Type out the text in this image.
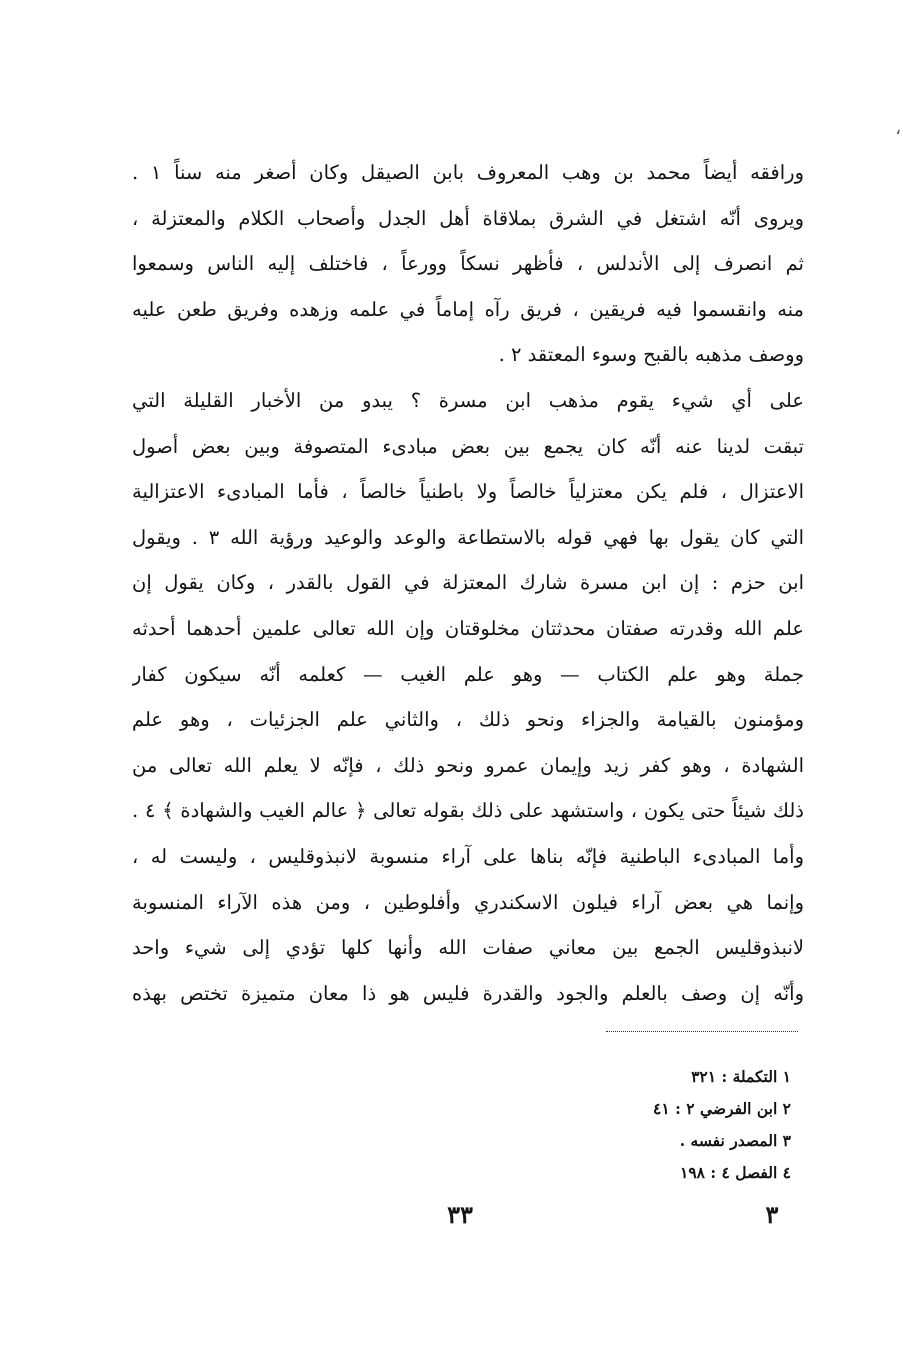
،
ورافقه أيضاً محمد بن وهب المعروف بابن الصيقل وكان أصغر منه سناً ١ .
ويروى أنّه اشتغل في الشرق بملاقاة أهل الجدل وأصحاب الكلام والمعتزلة ،
ثم انصرف إلى الأندلس ، فأظهر نسكاً وورعاً ، فاختلف إليه الناس وسمعوا
منه وانقسموا فيه فريقين ، فريق رآه إماماً في علمه وزهده وفريق طعن عليه
ووصف مذهبه بالقبح وسوء المعتقد ٢ .
على أي شيء يقوم مذهب ابن مسرة ؟ يبدو من الأخبار القليلة التي
تبقت لدينا عنه أنّه كان يجمع بين بعض مبادىء المتصوفة وبين بعض أصول
الاعتزال ، فلم يكن معتزلياً خالصاً ولا باطنياً خالصاً ، فأما المبادىء الاعتزالية
التي كان يقول بها فهي قوله بالاستطاعة والوعد والوعيد ورؤية الله ٣ . ويقول
ابن حزم : إن ابن مسرة شارك المعتزلة في القول بالقدر ، وكان يقول إن
علم الله وقدرته صفتان محدثتان مخلوقتان وإن الله تعالى علمين أحدهما أحدثه
جملة وهو علم الكتاب — وهو علم الغيب — كعلمه أنّه سيكون كفار
ومؤمنون بالقيامة والجزاء ونحو ذلك ، والثاني علم الجزئيات ، وهو علم
الشهادة ، وهو كفر زيد وإيمان عمرو ونحو ذلك ، فإنّه لا يعلم الله تعالى من
ذلك شيئاً حتى يكون ، واستشهد على ذلك بقوله تعالى ﴿ عالم الغيب والشهادة ﴾ ٤ .
وأما المبادىء الباطنية فإنّه بناها على آراء منسوبة لانبذوقليس ، وليست له ،
وإنما هي بعض آراء فيلون الاسكندري وأفلوطين ، ومن هذه الآراء المنسوبة
لانبذوقليس الجمع بين معاني صفات الله وأنها كلها تؤدي إلى شيء واحد
وأنّه إن وصف بالعلم والجود والقدرة فليس هو ذا معان متميزة تختص بهذه
١ التكملة : ٣٢١
٢ ابن الفرضي ٢ : ٤١
٣ المصدر نفسه .
٤ الفصل ٤ : ١٩٨
٣٣	٣
